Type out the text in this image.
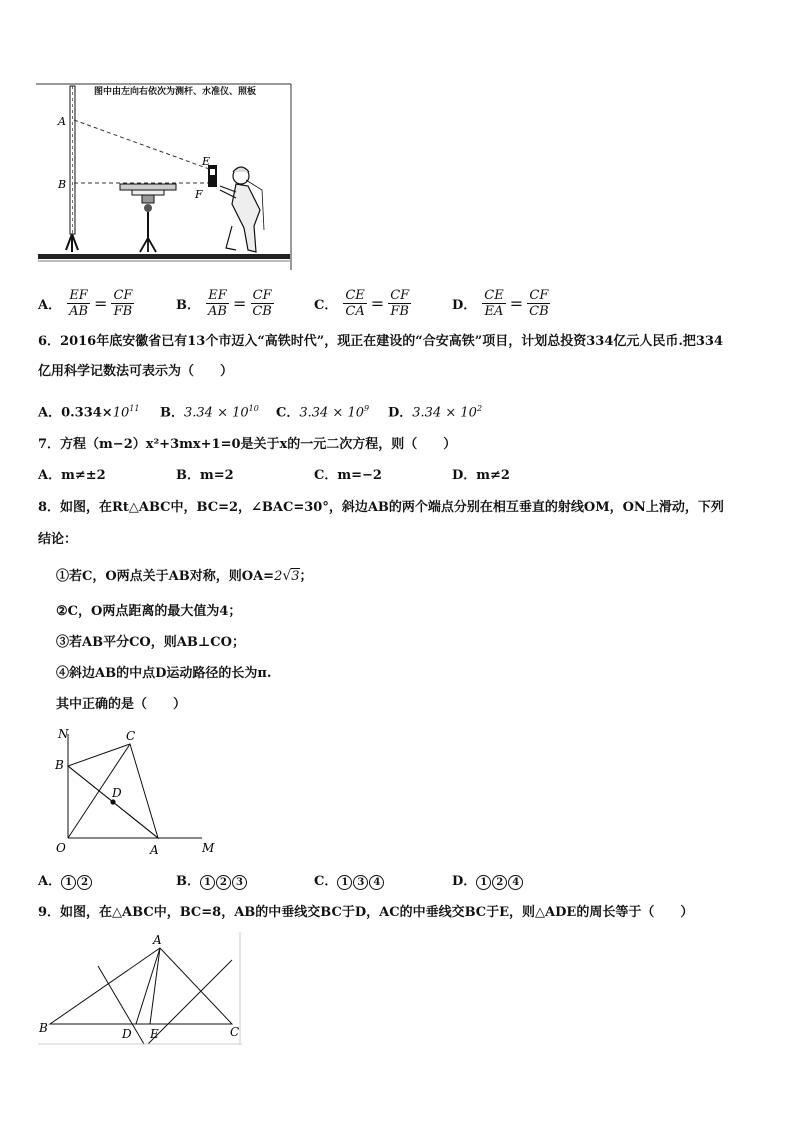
图中由左向右依次为测杆、水准仪、照板
A
B
E
F
A． $\frac{EF}{AB} = \frac{CF}{FB}$	B． $\frac{EF}{AB} = \frac{CF}{CB}$	C． $\frac{CE}{CA} = \frac{CF}{FB}$	D． $\frac{CE}{EA} = \frac{CF}{CB}$
6．2016年底安徽省已有13个市迈入“高铁时代”，现正在建设的“合安高铁”项目，计划总投资334亿元人民币.把334
亿用科学记数法可表示为（　　）
A．$0.334\times 10^{11}$ B．$3.34 \times 10^{10}$ C．$3.34 \times 10^9$ D．$3.34 \times 10^2$
7．方程（m−2）x²+3mx+1=0是关于x的一元二次方程，则（　　）
A．m≠±2	B．m=2	C．m=−2	D．m≠2
8．如图，在Rt△ABC中，BC=2，∠BAC=30°，斜边AB的两个端点分别在相互垂直的射线OM，ON上滑动，下列
结论：
①若C，O两点关于AB对称，则OA=2√3；
②C，O两点距离的最大值为4；
③若AB平分CO，则AB⊥CO；
④斜边AB的中点D运动路径的长为π.
其中正确的是（　　）
N	C
B
D
O	A	M
A． 1 2	B． 1 2 3	C． 1 3 4	D． 1 2 4
9．如图，在△ABC中，BC=8，AB的中垂线交BC于D，AC的中垂线交BC于E，则△ADE的周长等于（　　）
A
B	D E	C
